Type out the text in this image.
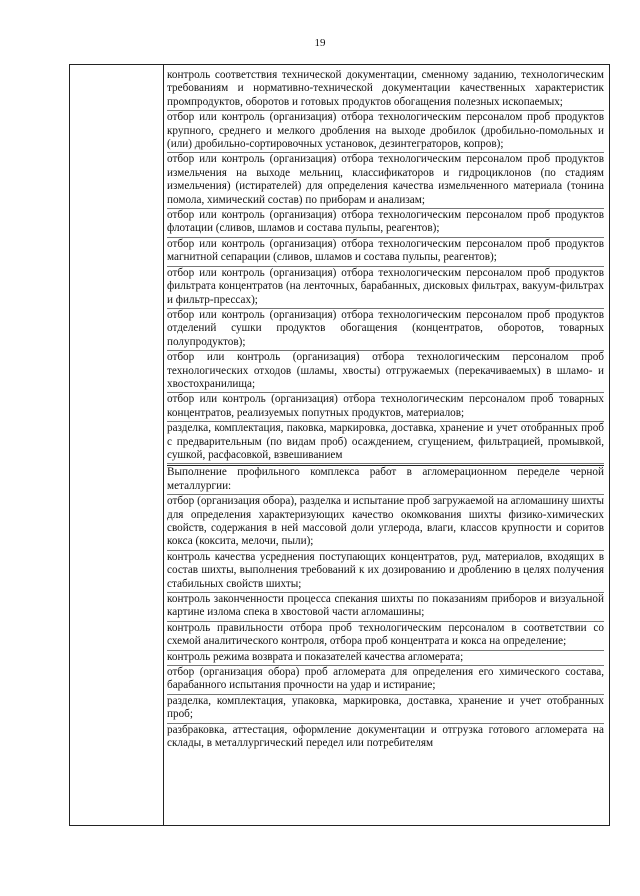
19

контроль соответствия технической документации, сменному заданию, технологическим требованиям и нормативно-технической документации качественных характеристик промпродуктов, оборотов и готовых продуктов обогащения полезных ископаемых;

отбор или контроль (организация) отбора технологическим персоналом проб продуктов крупного, среднего и мелкого дробления на выходе дробилок (дробильно-помольных и (или) дробильно-сортировочных установок, дезинтеграторов, копров);

отбор или контроль (организация) отбора технологическим персоналом проб продуктов измельчения на выходе мельниц, классификаторов и гидроциклонов (по стадиям измельчения) (истирателей) для определения качества измельченного материала (тонина помола, химический состав) по приборам и анализам;

отбор или контроль (организация) отбора технологическим персоналом проб продуктов флотации (сливов, шламов и состава пульпы, реагентов);

отбор или контроль (организация) отбора технологическим персоналом проб продуктов магнитной сепарации (сливов, шламов и состава пульпы, реагентов);

отбор или контроль (организация) отбора технологическим персоналом проб продуктов фильтрата концентратов (на ленточных, барабанных, дисковых фильтрах, вакуум-фильтрах и фильтр-прессах);

отбор или контроль (организация) отбора технологическим персоналом проб продуктов отделений сушки продуктов обогащения (концентратов, оборотов, товарных полупродуктов);

отбор или контроль (организация) отбора технологическим персоналом проб технологических отходов (шламы, хвосты) отгружаемых (перекачиваемых) в шламо- и хвостохранилища;

отбор или контроль (организация) отбора технологическим персоналом проб товарных концентратов, реализуемых попутных продуктов, материалов;

разделка, комплектация, паковка, маркировка, доставка, хранение и учет отобранных проб с предварительным (по видам проб) осаждением, сгущением, фильтрацией, промывкой, сушкой, расфасовкой, взвешиванием

Выполнение профильного комплекса работ в агломерационном переделе черной металлургии:

отбор (организация обора), разделка и испытание проб загружаемой на агломашину шихты для определения характеризующих качество окомкования шихты физико-химических свойств, содержания в ней массовой доли углерода, влаги, классов крупности и соритов кокса (коксита, мелочи, пыли);

контроль качества усреднения поступающих концентратов, руд, материалов, входящих в состав шихты, выполнения требований к их дозированию и дроблению в целях получения стабильных свойств шихты;

контроль законченности процесса спекания шихты по показаниям приборов и визуальной картине излома спека в хвостовой части агломашины;

контроль правильности отбора проб технологическим персоналом в соответствии со схемой аналитического контроля, отбора проб концентрата и кокса на определение;

контроль режима возврата и показателей качества агломерата;

отбор (организация обора) проб агломерата для определения его химического состава, барабанного испытания прочности на удар и истирание;

разделка, комплектация, упаковка, маркировка, доставка, хранение и учет отобранных проб;

разбраковка, аттестация, оформление документации и отгрузка готового агломерата на склады, в металлургический передел или потребителям
